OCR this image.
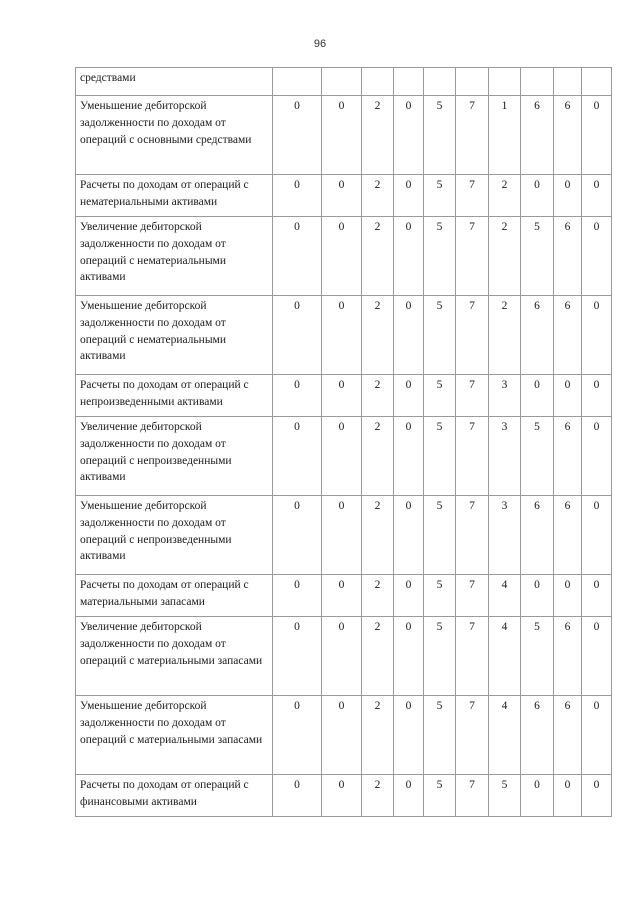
96
средствами										
Уменьшение дебиторской задолженности по доходам от операций с основными средствами	0	0	2	0	5	7	1	6	6	0
Расчеты по доходам от операций с нематериальными активами	0	0	2	0	5	7	2	0	0	0
Увеличение дебиторской задолженности по доходам от операций с нематериальными активами	0	0	2	0	5	7	2	5	6	0
Уменьшение дебиторской задолженности по доходам от операций с нематериальными активами	0	0	2	0	5	7	2	6	6	0
Расчеты по доходам от операций с непроизведенными активами	0	0	2	0	5	7	3	0	0	0
Увеличение дебиторской задолженности по доходам от операций с непроизведенными активами	0	0	2	0	5	7	3	5	6	0
Уменьшение дебиторской задолженности по доходам от операций с непроизведенными активами	0	0	2	0	5	7	3	6	6	0
Расчеты по доходам от операций с материальными запасами	0	0	2	0	5	7	4	0	0	0
Увеличение дебиторской задолженности по доходам от операций с материальными запасами	0	0	2	0	5	7	4	5	6	0
Уменьшение дебиторской задолженности по доходам от операций с материальными запасами	0	0	2	0	5	7	4	6	6	0
Расчеты по доходам от операций с финансовыми активами	0	0	2	0	5	7	5	0	0	0
